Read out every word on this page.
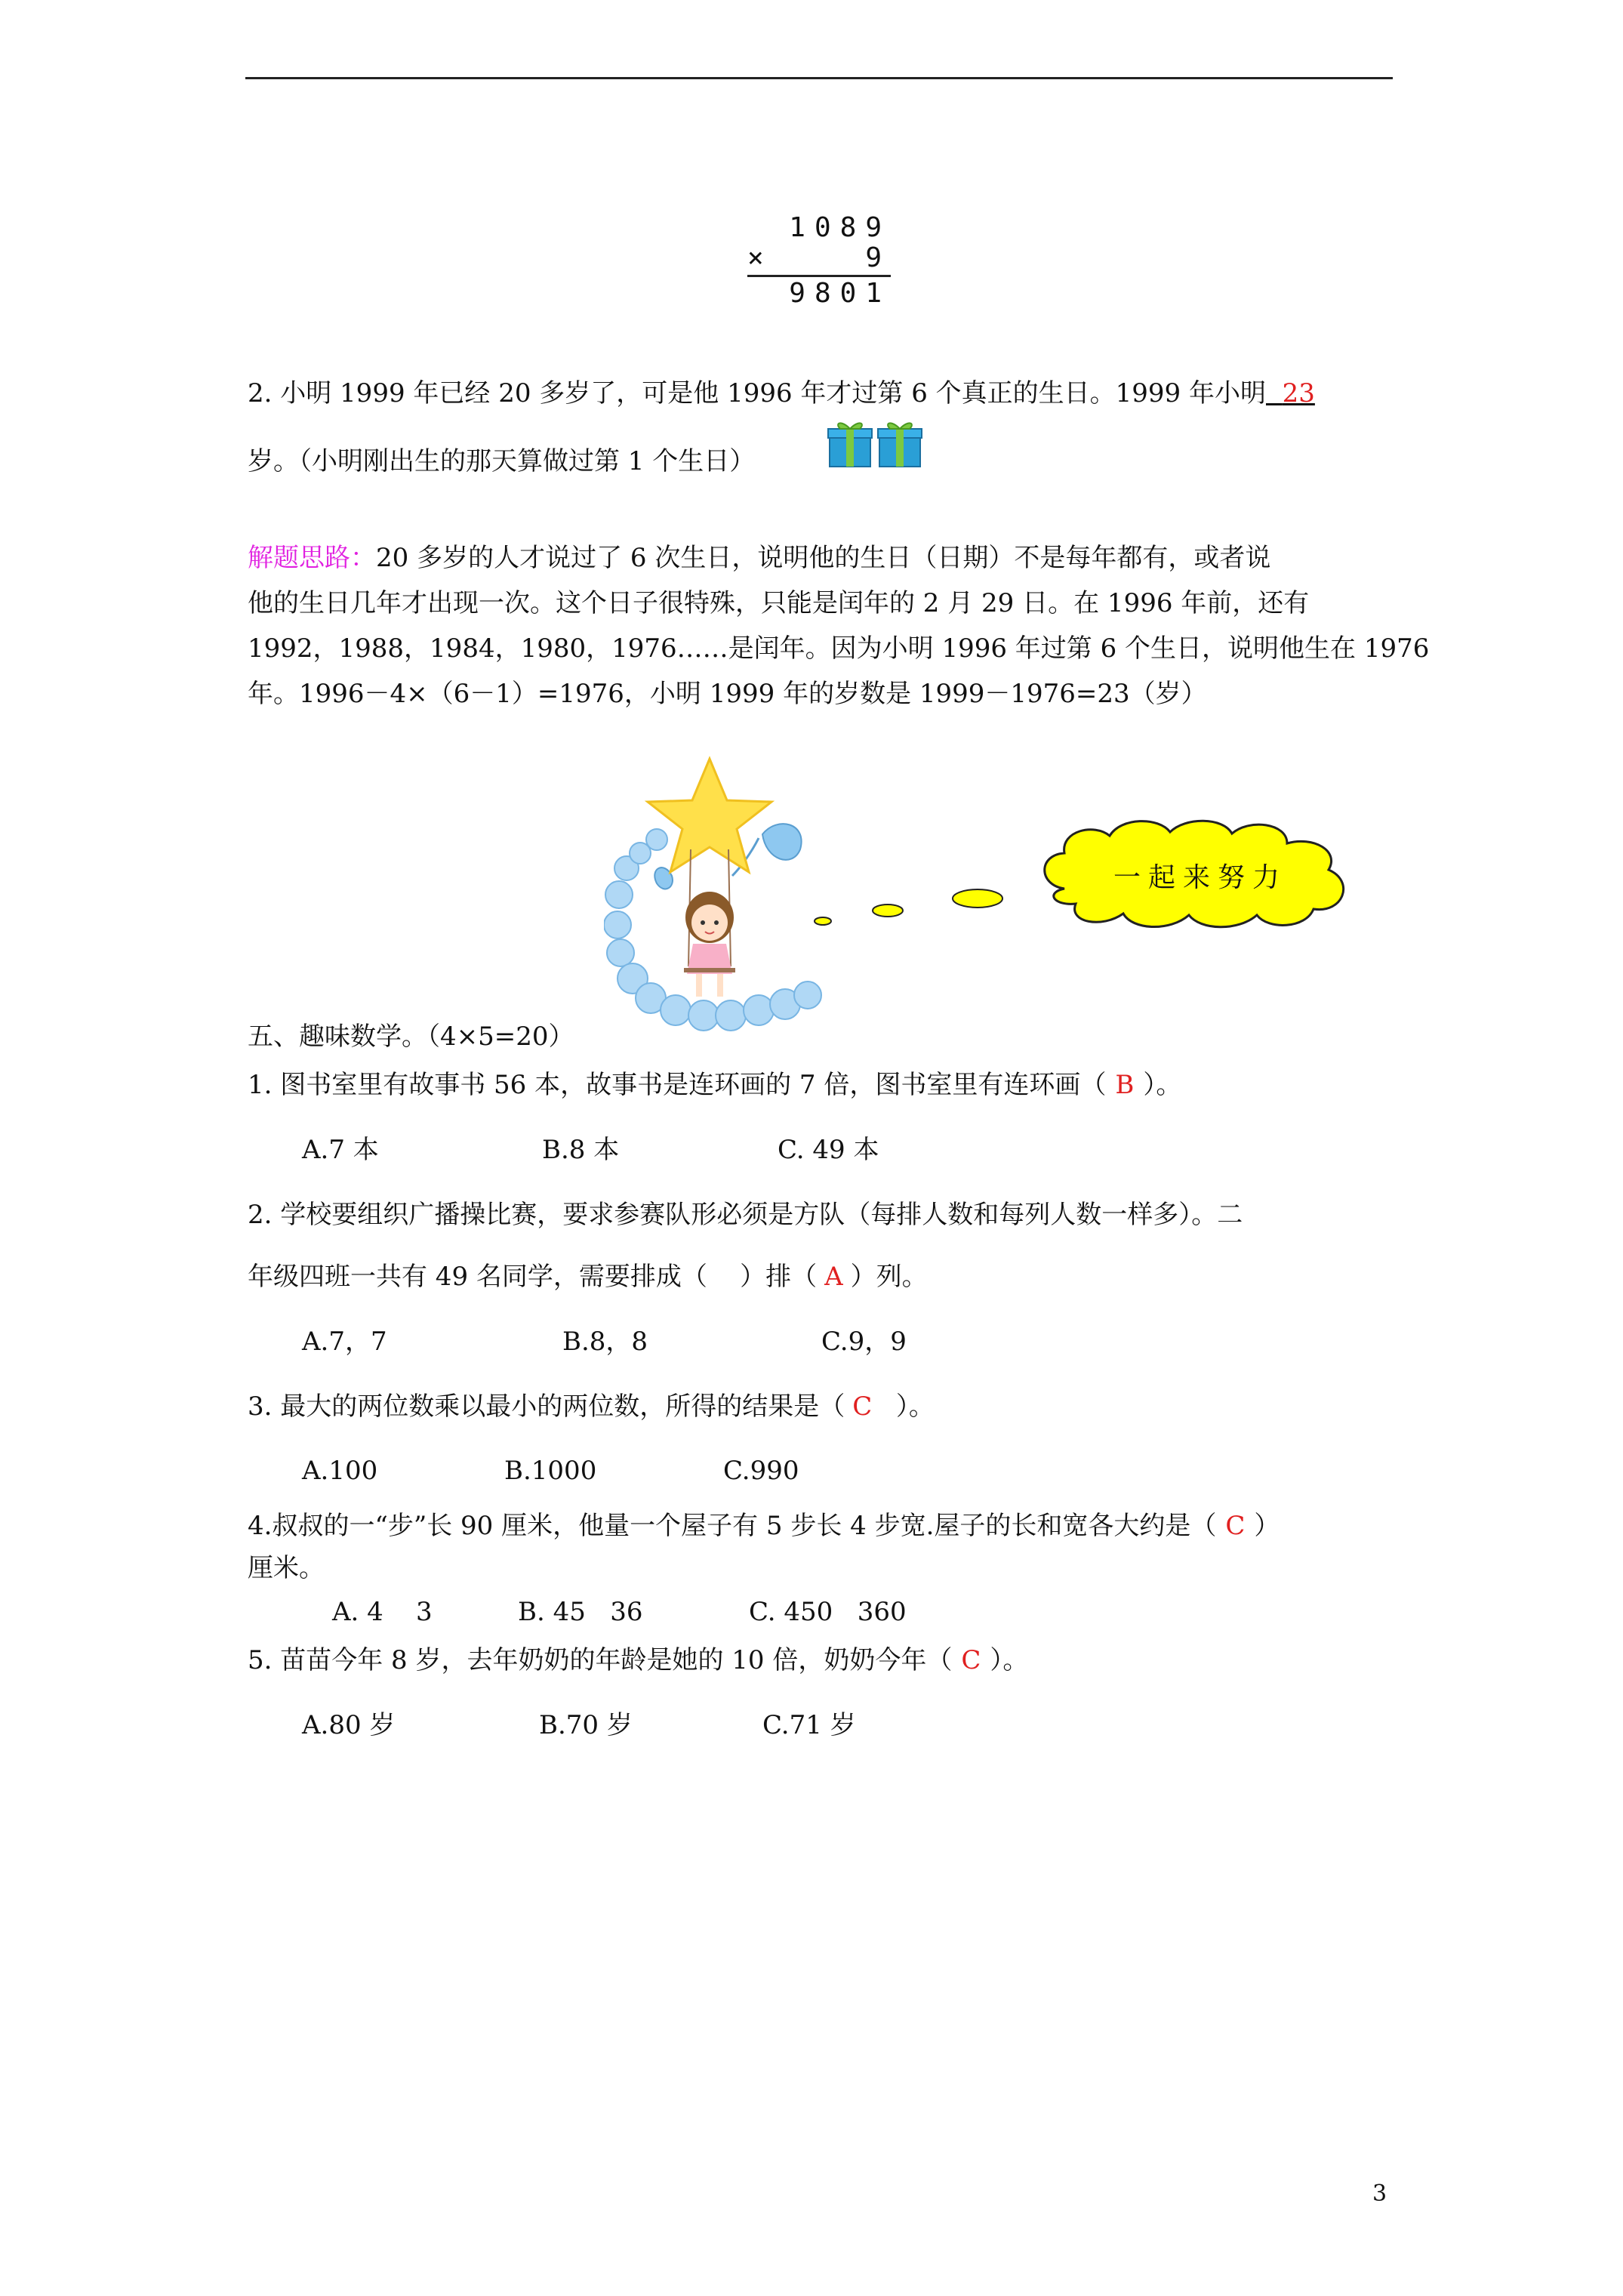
1089
×	9
9801
2. 小明 1999 年已经 20 多岁了，可是他 1996 年才过第 6 个真正的生日。1999 年小明 23
岁。（小明刚出生的那天算做过第 1 个生日）
解题思路：20 多岁的人才说过了 6 次生日，说明他的生日（日期）不是每年都有，或者说
他的生日几年才出现一次。这个日子很特殊，只能是闰年的 2 月 29 日。在 1996 年前，还有
1992，1988，1984，1980，1976……是闰年。因为小明 1996 年过第 6 个生日，说明他生在 1976
年。1996－4×（6－1）=1976，小明 1999 年的岁数是 1999－1976=23（岁）
一起来努力
五、趣味数学。（4×5=20）
1. 图书室里有故事书 56 本，故事书是连环画的 7 倍，图书室里有连环画（ B ）。
A.7 本	B.8 本	C. 49 本
2. 学校要组织广播操比赛，要求参赛队形必须是方队（每排人数和每列人数一样多）。二
年级四班一共有 49 名同学，需要排成（    ）排（ A ）列。
A.7，7	B.8，8	C.9，9
3. 最大的两位数乘以最小的两位数，所得的结果是（ C  ）。
A.100	B.1000	C.990
4.叔叔的一“步”长 90 厘米，他量一个屋子有 5 步长 4 步宽.屋子的长和宽各大约是（ C ）
厘米。
A. 4    3	B. 45   36	C. 450   360
5. 苗苗今年 8 岁，去年奶奶的年龄是她的 10 倍，奶奶今年（ C ）。
A.80 岁	B.70 岁	C.71 岁
3
